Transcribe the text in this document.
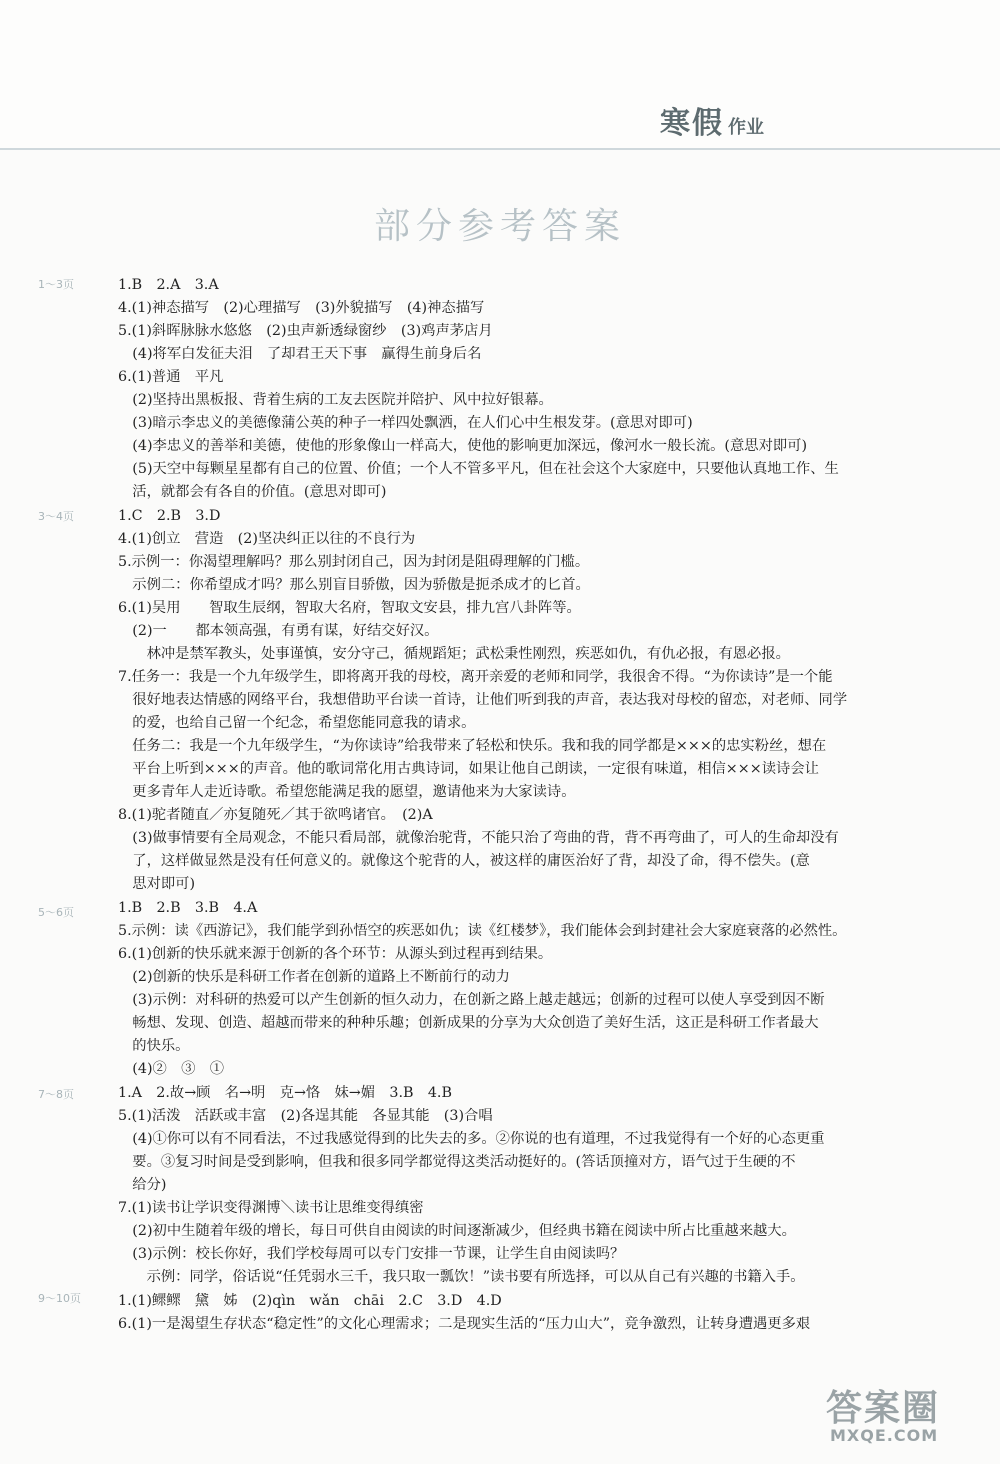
寒假 作业
部分参考答案
1～3页
3～4页
5～6页
7～8页
9～10页
1.B　2.A　3.A
4.(1)神态描写　(2)心理描写　(3)外貌描写　(4)神态描写
5.(1)斜晖脉脉水悠悠　(2)虫声新透绿窗纱　(3)鸡声茅店月
　(4)将军白发征夫泪　了却君王天下事　赢得生前身后名
6.(1)普通　平凡
　(2)坚持出黑板报、背着生病的工友去医院并陪护、风中拉好银幕。
　(3)暗示李忠义的美德像蒲公英的种子一样四处飘洒，在人们心中生根发芽。(意思对即可)
　(4)李忠义的善举和美德，使他的形象像山一样高大，使他的影响更加深远，像河水一般长流。(意思对即可)
　(5)天空中每颗星星都有自己的位置、价值；一个人不管多平凡，但在社会这个大家庭中，只要他认真地工作、生
　活，就都会有各自的价值。(意思对即可)
1.C　2.B　3.D
4.(1)创立　营造　(2)坚决纠正以往的不良行为
5.示例一：你渴望理解吗？那么别封闭自己，因为封闭是阻碍理解的门槛。
　示例二：你希望成才吗？那么别盲目骄傲，因为骄傲是扼杀成才的匕首。
6.(1)吴用　　智取生辰纲，智取大名府，智取文安县，排九宫八卦阵等。
　(2)一　　都本领高强，有勇有谋，好结交好汉。
　　林冲是禁军教头，处事谨慎，安分守己，循规蹈矩；武松秉性刚烈，疾恶如仇，有仇必报，有恩必报。
7.任务一：我是一个九年级学生，即将离开我的母校，离开亲爱的老师和同学，我很舍不得。“为你读诗”是一个能
　很好地表达情感的网络平台，我想借助平台读一首诗，让他们听到我的声音，表达我对母校的留恋，对老师、同学
　的爱，也给自己留一个纪念，希望您能同意我的请求。
　任务二：我是一个九年级学生，“为你读诗”给我带来了轻松和快乐。我和我的同学都是×××的忠实粉丝，想在
　平台上听到×××的声音。他的歌词常化用古典诗词，如果让他自己朗读，一定很有味道，相信×××读诗会让
　更多青年人走近诗歌。希望您能满足我的愿望，邀请他来为大家读诗。
8.(1)驼者随直／亦复随死／其于欲鸣诸官。　(2)A
　(3)做事情要有全局观念，不能只看局部，就像治驼背，不能只治了弯曲的背，背不再弯曲了，可人的生命却没有
　了，这样做显然是没有任何意义的。就像这个驼背的人，被这样的庸医治好了背，却没了命，得不偿失。(意
　思对即可)
1.B　2.B　3.B　4.A
5.示例：读《西游记》，我们能学到孙悟空的疾恶如仇；读《红楼梦》，我们能体会到封建社会大家庭衰落的必然性。
6.(1)创新的快乐就来源于创新的各个环节：从源头到过程再到结果。
　(2)创新的快乐是科研工作者在创新的道路上不断前行的动力
　(3)示例：对科研的热爱可以产生创新的恒久动力，在创新之路上越走越远；创新的过程可以使人享受到因不断
　畅想、发现、创造、超越而带来的种种乐趣；创新成果的分享为大众创造了美好生活，这正是科研工作者最大
　的快乐。
　(4)②　③　①
1.A　2.故→顾　名→明　克→恪　妹→媚　3.B　4.B
5.(1)活泼　活跃或丰富　(2)各逞其能　各显其能　(3)合唱
　(4)①你可以有不同看法，不过我感觉得到的比失去的多。②你说的也有道理，不过我觉得有一个好的心态更重
　要。③复习时间是受到影响，但我和很多同学都觉得这类活动挺好的。(答话顶撞对方，语气过于生硬的不
　给分)
7.(1)读书让学识变得渊博＼读书让思维变得缜密
　(2)初中生随着年级的增长，每日可供自由阅读的时间逐渐减少，但经典书籍在阅读中所占比重越来越大。
　(3)示例：校长你好，我们学校每周可以专门安排一节课，让学生自由阅读吗？
　　示例：同学，俗话说“任凭弱水三千，我只取一瓢饮！”读书要有所选择，可以从自己有兴趣的书籍入手。
1.(1)鳏鳏　黛　姊　(2)qìn　wǎn　chāi　2.C　3.D　4.D
6.(1)一是渴望生存状态“稳定性”的文化心理需求；二是现实生活的“压力山大”，竞争激烈，让转身遭遇更多艰
答案圈
MXQE.COM
